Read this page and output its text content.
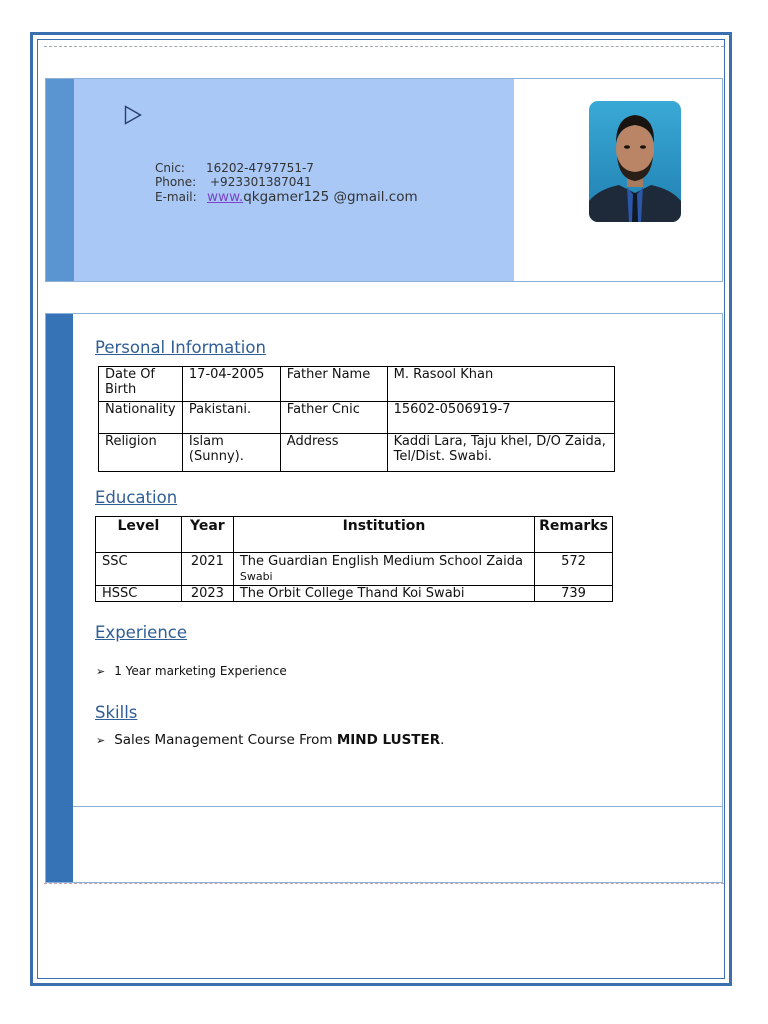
Cnic: 16202-4797751-7
Phone: +923301387041
E-mail: www.qkgamer125 @gmail.com
Personal Information
Date Of Birth	17-04-2005	Father Name	M. Rasool Khan
Nationality	Pakistani.	Father Cnic	15602-0506919-7
Religion	Islam (Sunny).	Address	Kaddi Lara, Taju khel, D/O Zaida, Tel/Dist. Swabi.
Education
Level	Year	Institution	Remarks
SSC	2021	The Guardian English Medium School Zaida Swabi	572
HSSC	2023	The Orbit College Thand Koi Swabi	739
Experience
➢ 1 Year marketing Experience
Skills
➢ Sales Management Course From MIND LUSTER.
